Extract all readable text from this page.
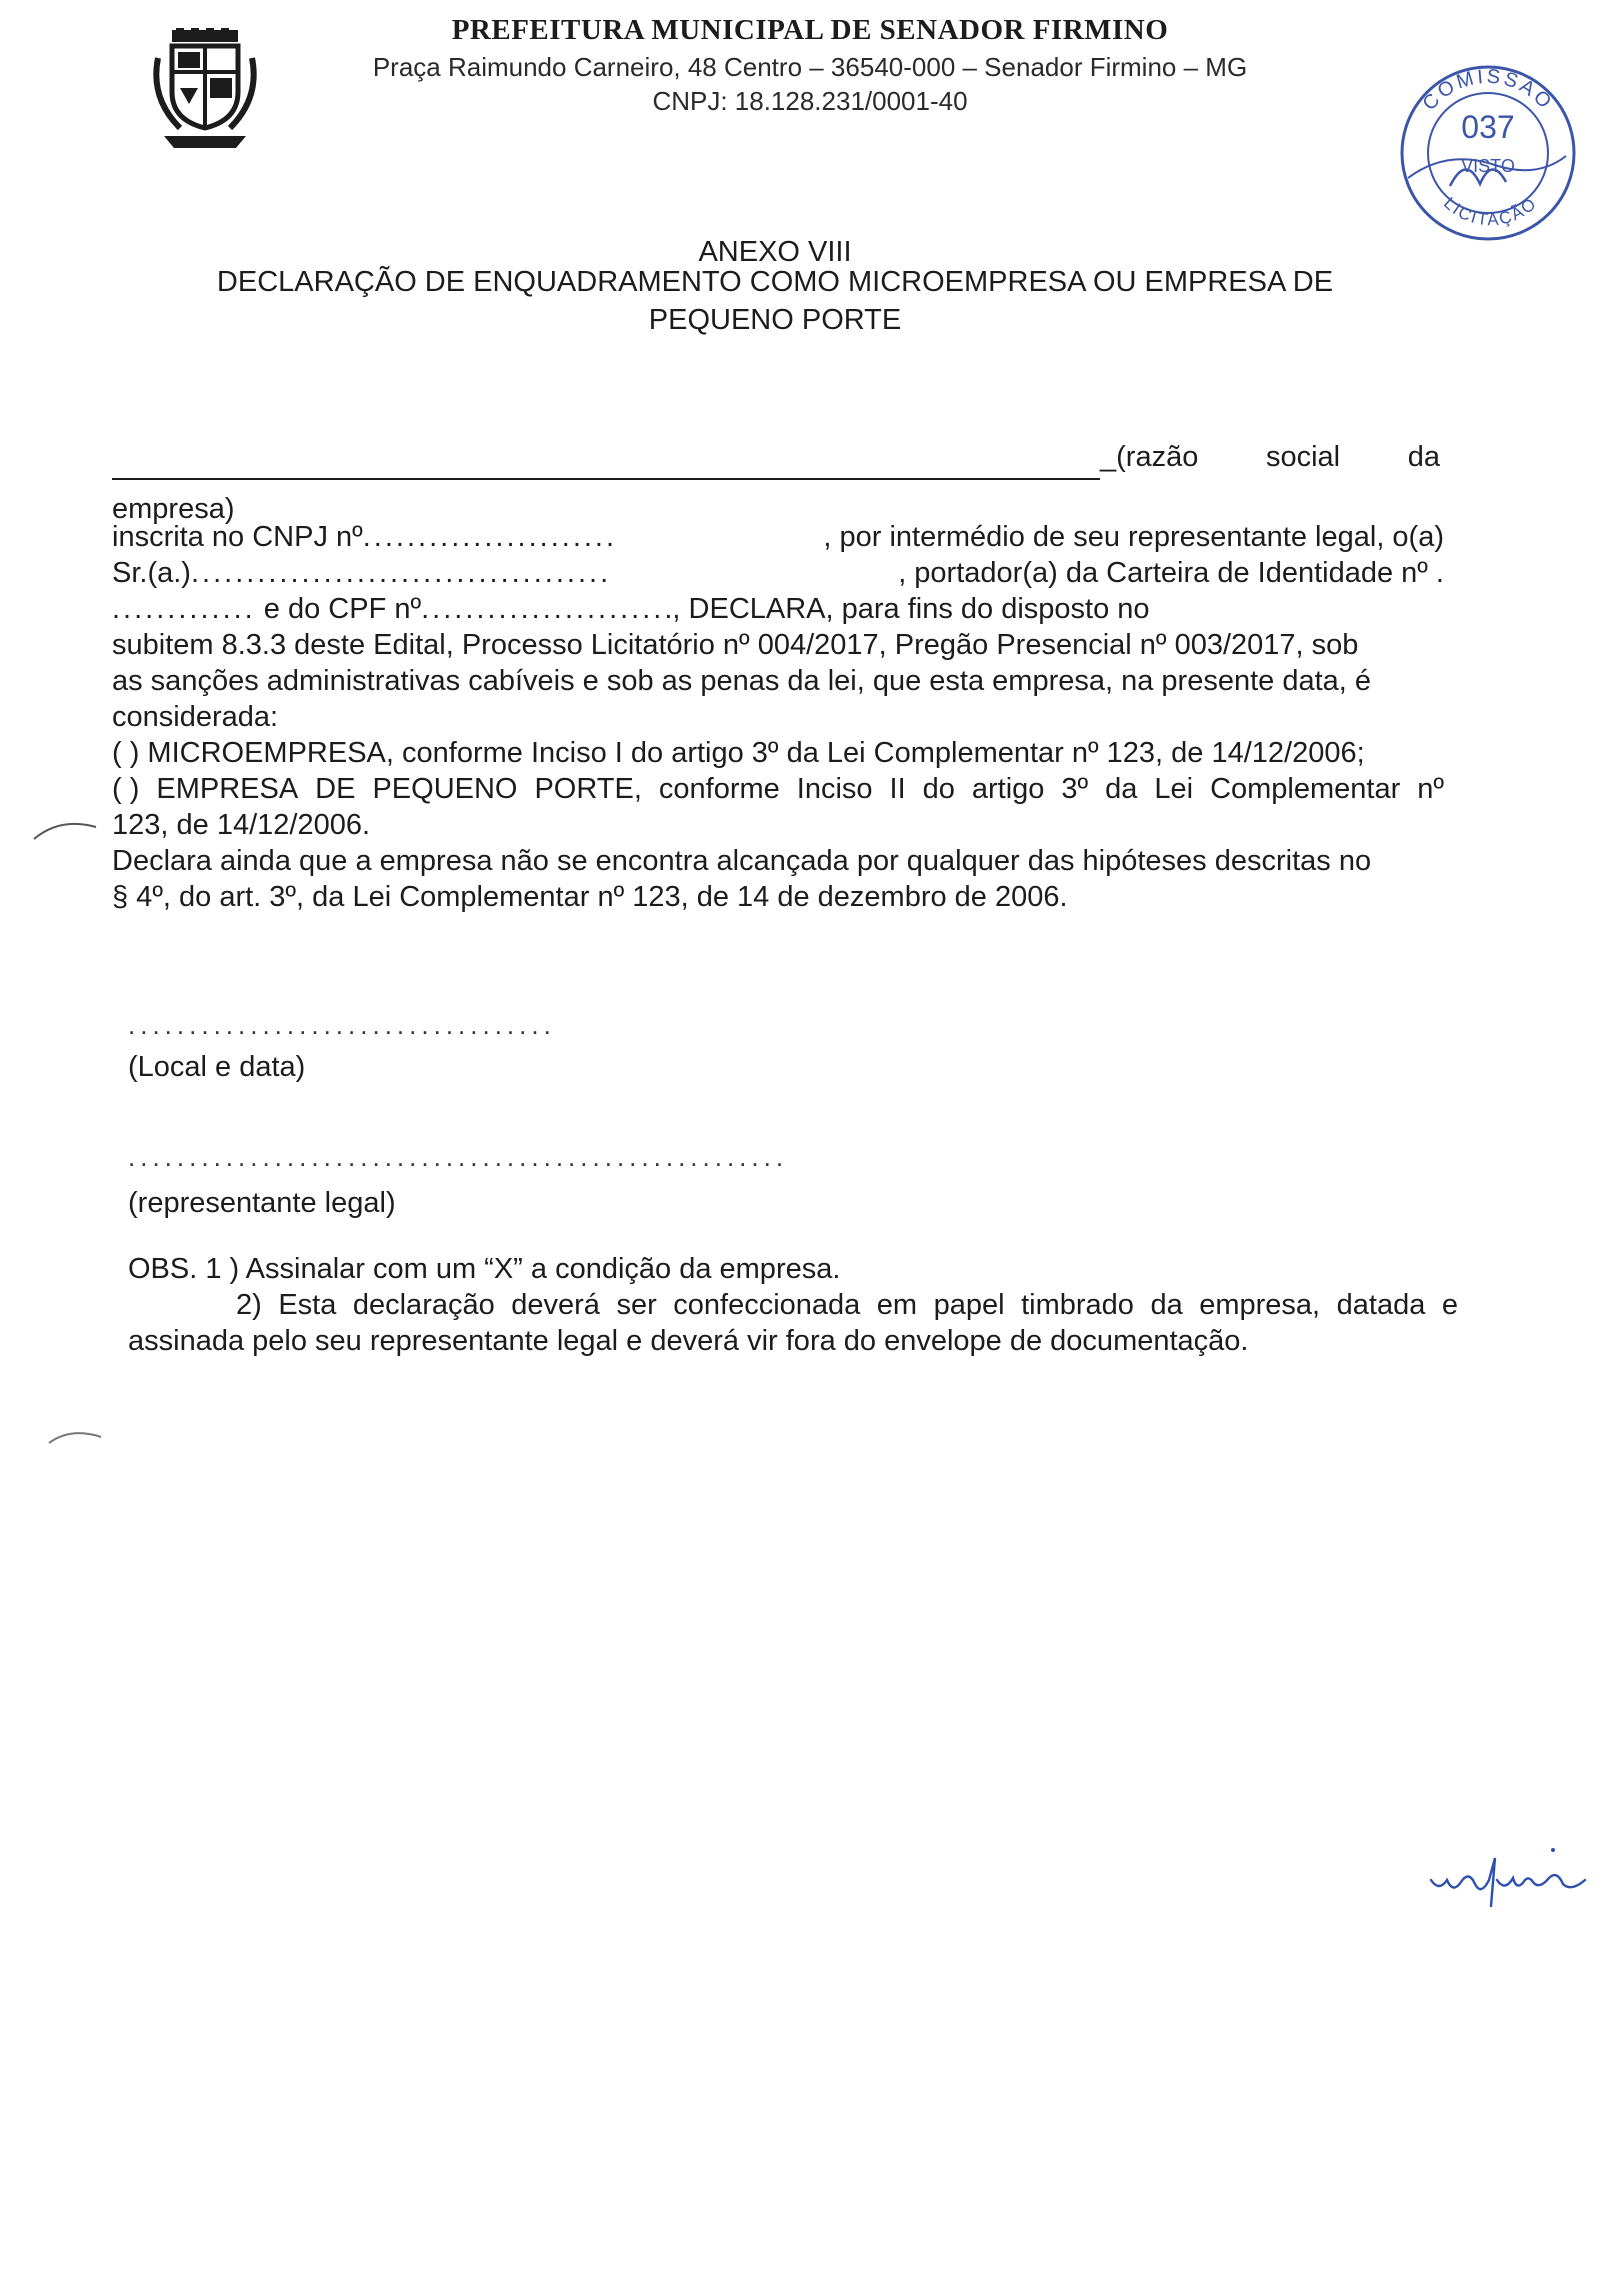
PREFEITURA MUNICIPAL DE SENADOR FIRMINO
Praça Raimundo Carneiro, 48 Centro – 36540-000 – Senador Firmino – MG
CNPJ: 18.128.231/0001-40	COMISSÃO
037
VISTO
LICITAÇÃO
ANEXO VIII
DECLARAÇÃO DE ENQUADRAMENTO COMO MICROEMPRESA OU EMPRESA DE
PEQUENO PORTE
_(razão social da
empresa)
inscrita no CNPJ nº.......................	, por intermédio de seu representante legal, o(a)
Sr.(a.)......................................	, portador(a) da Carteira de Identidade nº .
............. e do CPF nº......................., DECLARA, para fins do disposto no
subitem 8.3.3 deste Edital, Processo Licitatório nº 004/2017, Pregão Presencial nº 003/2017, sob
as sanções administrativas cabíveis e sob as penas da lei, que esta empresa, na presente data, é
considerada:
( ) MICROEMPRESA, conforme Inciso I do artigo 3º da Lei Complementar nº 123, de 14/12/2006;
( ) EMPRESA DE PEQUENO PORTE, conforme Inciso II do artigo 3º da Lei Complementar nº
123, de 14/12/2006.
Declara ainda que a empresa não se encontra alcançada por qualquer das hipóteses descritas no
§ 4º, do art. 3º, da Lei Complementar nº 123, de 14 de dezembro de 2006.
...................................
(Local e data)
......................................................
(representante legal)
OBS. 1 ) Assinalar com um “X” a condição da empresa.
2) Esta declaração deverá ser confeccionada em papel timbrado da empresa, datada e
assinada pelo seu representante legal e deverá vir fora do envelope de documentação.
